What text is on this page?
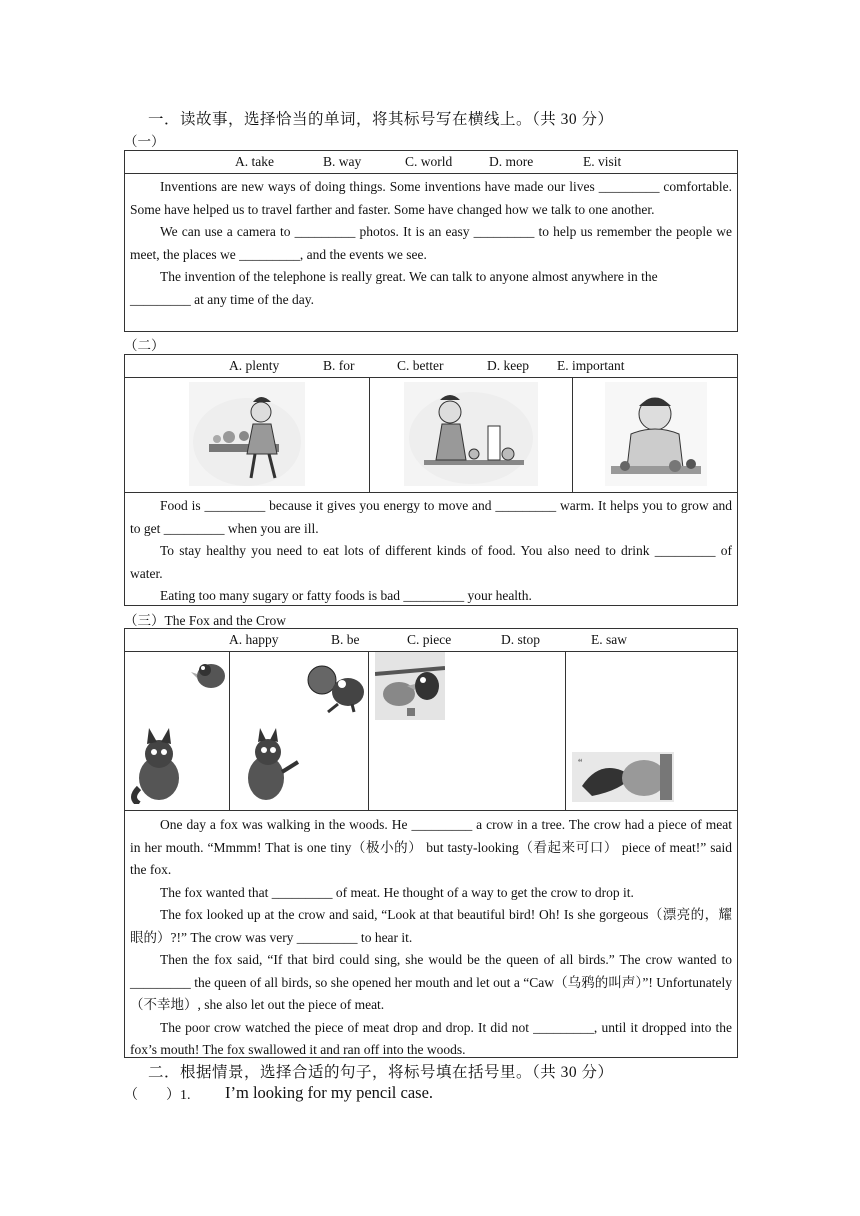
一．读故事，选择恰当的单词，将其标号写在横线上。（共 30 分）
（一）
A. take	B. way	C. world	D. more	E. visit

Inventions are new ways of doing things. Some inventions have made our lives _________ comfortable. Some have helped us to travel farther and faster. Some have changed how we talk to one another.

We can use a camera to _________ photos. It is an easy _________ to help us remember the people we meet, the places we _________, and the events we see.

The invention of the telephone is really great. We can talk to anyone almost anywhere in the

_________ at any time of the day.

（二）
A. plenty	B. for	C. better	D. keep E. important

Food is _________ because it gives you energy to move and _________ warm. It helps you to grow and to get _________ when you are ill.

To stay healthy you need to eat lots of different kinds of food. You also need to drink _________ of water.

Eating too many sugary or fatty foods is bad _________ your health.

（三）The Fox and the Crow
A. happy	B. be	C. piece	D. stop	E. saw
“

One day a fox was walking in the woods. He _________ a crow in a tree. The crow had a piece of meat in her mouth. “Mmmm! That is one tiny（极小的） but tasty-looking（看起来可口） piece of meat!” said the fox.

The fox wanted that _________ of meat. He thought of a way to get the crow to drop it.

The fox looked up at the crow and said, “Look at that beautiful bird! Oh! Is she gorgeous（漂亮的，耀眼的）?!” The crow was very _________ to hear it.

Then the fox said, “If that bird could sing, she would be the queen of all birds.” The crow wanted to _________ the queen of all birds, so she opened her mouth and let out a “Caw（乌鸦的叫声）”! Unfortunately（不幸地）, she also let out the piece of meat.

The poor crow watched the piece of meat drop and drop. It did not _________, until it dropped into the fox’s mouth! The fox swallowed it and ran off into the woods.

二．根据情景，选择合适的句子，将标号填在括号里。（共 30 分）
（　　）1. I’m looking for my pencil case.
